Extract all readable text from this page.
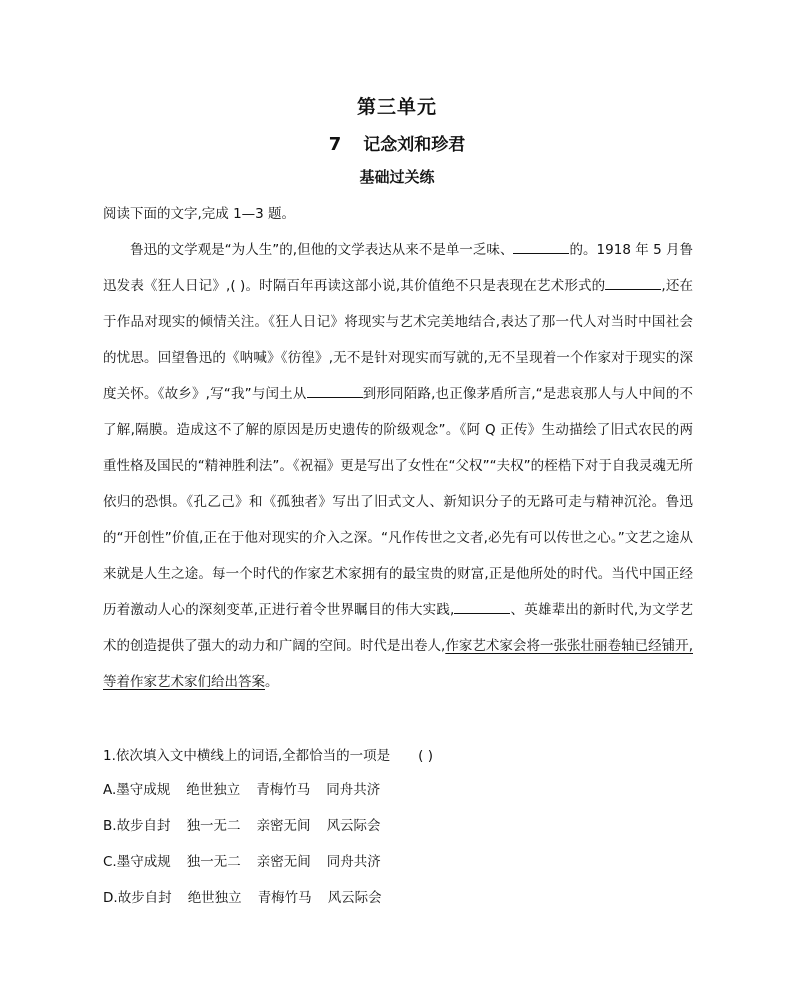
第三单元
7 记念刘和珍君
基础过关练
阅读下面的文字,完成 1—3 题。

鲁迅的文学观是“为人生”的,但他的文学表达从来不是单一乏味、	的。1918 年 5 月鲁迅发表《狂人日记》,( )。时隔百年再读这部小说,其价值绝不只是表现在艺术形式的	,还在于作品对现实的倾情关注。《狂人日记》将现实与艺术完美地结合,表达了那一代人对当时中国社会的忧思。回望鲁迅的《呐喊》《彷徨》,无不是针对现实而写就的,无不呈现着一个作家对于现实的深度关怀。《故乡》,写“我”与闰土从	到形同陌路,也正像茅盾所言,“是悲哀那人与人中间的不了解,隔膜。造成这不了解的原因是历史遗传的阶级观念”。《阿 Q 正传》生动描绘了旧式农民的两重性格及国民的“精神胜利法”。《祝福》更是写出了女性在“父权”“夫权”的桎梏下对于自我灵魂无所依归的恐惧。《孔乙己》和《孤独者》写出了旧式文人、新知识分子的无路可走与精神沉沦。鲁迅的“开创性”价值,正在于他对现实的介入之深。“凡作传世之文者,必先有可以传世之心。”文艺之途从来就是人生之途。每一个时代的作家艺术家拥有的最宝贵的财富,正是他所处的时代。当代中国正经历着激动人心的深刻变革,正进行着令世界瞩目的伟大实践,	、英雄辈出的新时代,为文学艺术的创造提供了强大的动力和广阔的空间。时代是出卷人,作家艺术家会将一张张壮丽卷轴已经铺开,等着作家艺术家们给出答案。

1.依次填入文中横线上的词语,全都恰当的一项是 ( )
A.墨守成规 绝世独立 青梅竹马 同舟共济
B.故步自封 独一无二 亲密无间 风云际会
C.墨守成规 独一无二 亲密无间 同舟共济
D.故步自封 绝世独立 青梅竹马 风云际会
